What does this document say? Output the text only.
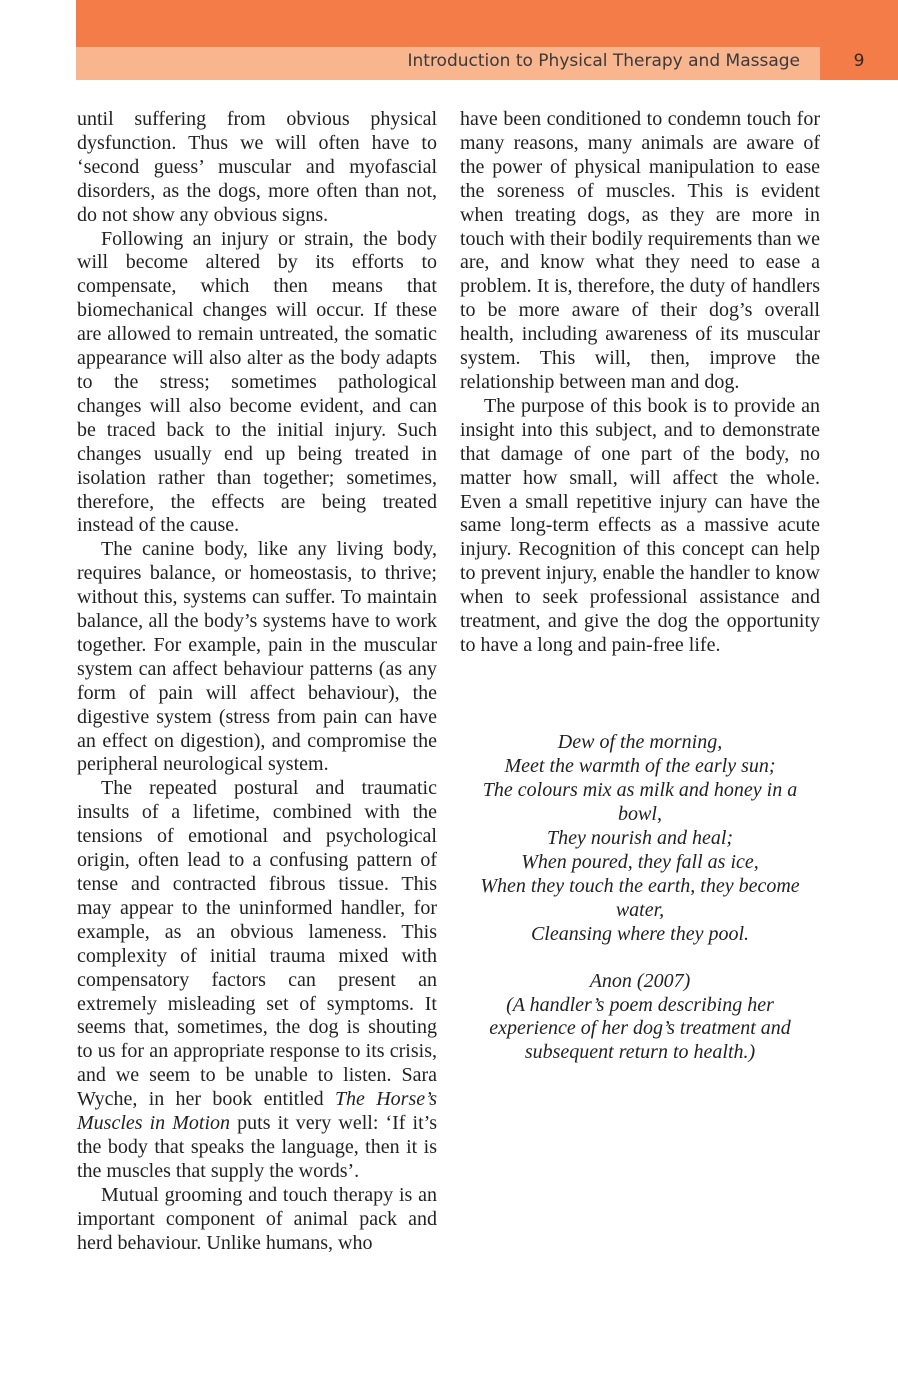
Introduction to Physical Therapy and Massage	9

until suffering from obvious physical dysfunction. Thus we will often have to ‘second guess’ muscular and myofascial disorders, as the dogs, more often than not, do not show any obvious signs.

Following an injury or strain, the body will become altered by its efforts to compensate, which then means that biomechanical changes will occur. If these are allowed to remain untreated, the somatic appearance will also alter as the body adapts to the stress; sometimes pathological changes will also become evident, and can be traced back to the initial injury. Such changes usually end up being treated in isolation rather than together; sometimes, therefore, the effects are being treated instead of the cause.

The canine body, like any living body, requires balance, or homeostasis, to thrive; without this, systems can suffer. To maintain balance, all the body’s systems have to work together. For example, pain in the muscular system can affect behaviour patterns (as any form of pain will affect behaviour), the digestive system (stress from pain can have an effect on digestion), and compromise the peripheral neurological system.

The repeated postural and traumatic insults of a lifetime, combined with the tensions of emotional and psychological origin, often lead to a confusing pattern of tense and contracted fibrous tissue. This may appear to the uninformed handler, for example, as an obvious lameness. This complexity of initial trauma mixed with compensatory factors can present an extremely misleading set of symptoms. It seems that, sometimes, the dog is shouting to us for an appropriate response to its crisis, and we seem to be unable to listen. Sara Wyche, in her book entitled The Horse’s Muscles in Motion puts it very well: ‘If it’s the body that speaks the language, then it is the muscles that supply the words’.

Mutual grooming and touch therapy is an important component of animal pack and herd behaviour. Unlike humans, who

have been conditioned to condemn touch for many reasons, many animals are aware of the power of physical manipulation to ease the soreness of muscles. This is evident when treating dogs, as they are more in touch with their bodily requirements than we are, and know what they need to ease a problem. It is, therefore, the duty of handlers to be more aware of their dog’s overall health, including awareness of its muscular system. This will, then, improve the relationship between man and dog.

The purpose of this book is to provide an insight into this subject, and to demonstrate that damage of one part of the body, no matter how small, will affect the whole. Even a small repetitive injury can have the same long-term effects as a massive acute injury. Recognition of this concept can help to prevent injury, enable the handler to know when to seek professional assistance and treatment, and give the dog the opportunity to have a long and pain-free life.

Dew of the morning,
Meet the warmth of the early sun;
The colours mix as milk and honey in a
bowl,
They nourish and heal;
When poured, they fall as ice,
When they touch the earth, they become
water,
Cleansing where they pool.
Anon (2007)
(A handler’s poem describing her
experience of her dog’s treatment and
subsequent return to health.)
